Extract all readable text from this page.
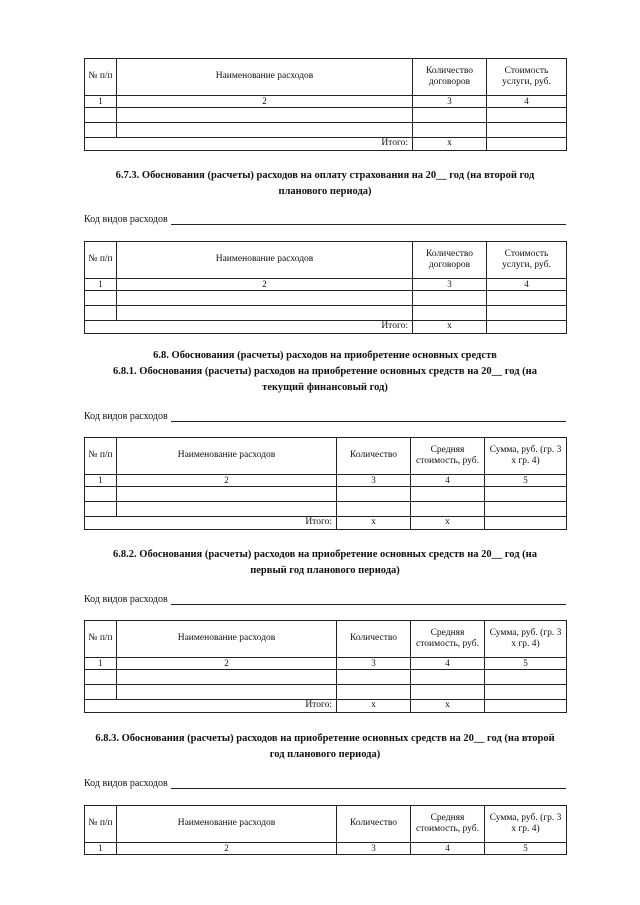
№ п/п	Наименование расходов	Количество договоров	Стоимость услуги, руб.
1	2	3	4

Итого:		х	
6.7.3. Обоснования (расчеты) расходов на оплату страхования на 20__ год (на второй год
планового периода)
Код видов расходов
№ п/п	Наименование расходов	Количество договоров	Стоимость услуги, руб.
1	2	3	4

Итого:		х	
6.8. Обоснования (расчеты) расходов на приобретение основных средств
6.8.1. Обоснования (расчеты) расходов на приобретение основных средств на 20__ год (на
текущий финансовый год)
Код видов расходов
№ п/п	Наименование расходов	Количество	Средняя стоимость, руб.	Сумма, руб. (гр. 3 х гр. 4)
1	2	3	4	5

Итого:		х	х	
6.8.2. Обоснования (расчеты) расходов на приобретение основных средств на 20__ год (на
первый год планового периода)
Код видов расходов
№ п/п	Наименование расходов	Количество	Средняя стоимость, руб.	Сумма, руб. (гр. 3 х гр. 4)
1	2	3	4	5

Итого:		х	х	
6.8.3. Обоснования (расчеты) расходов на приобретение основных средств на 20__ год (на второй
год планового периода)
Код видов расходов
№ п/п	Наименование расходов	Количество	Средняя стоимость, руб.	Сумма, руб. (гр. 3 х гр. 4)
1	2	3	4	5
